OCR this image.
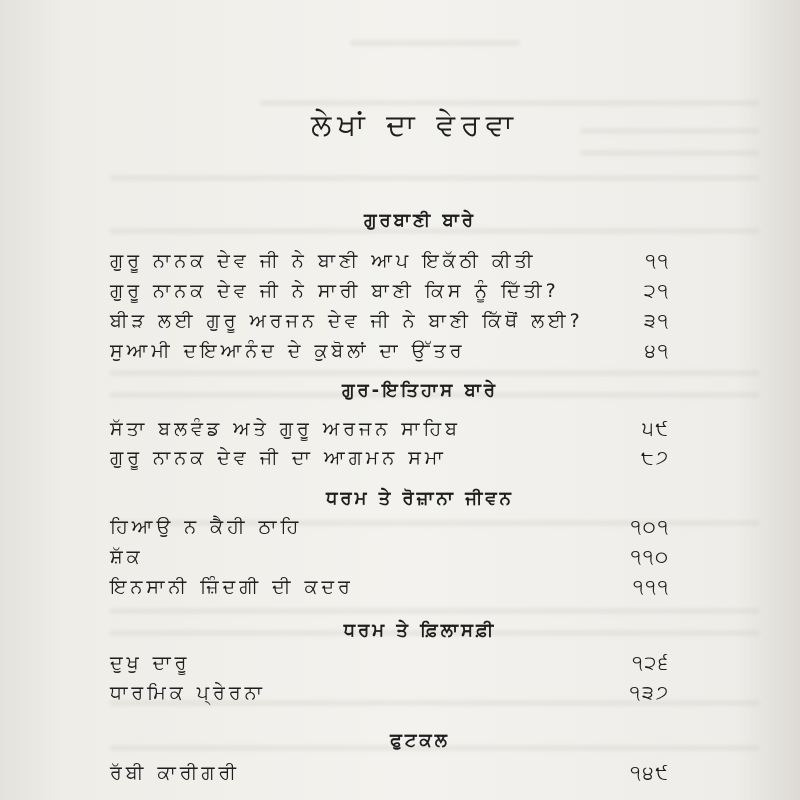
ਲੇਖਾਂ ਦਾ ਵੇਰਵਾ
ਗੁਰਬਾਣੀ ਬਾਰੇ
ਗੁਰੂ ਨਾਨਕ ਦੇਵ ਜੀ ਨੇ ਬਾਣੀ ਆਪ ਇਕੱਠੀ ਕੀਤੀ	੧੧
ਗੁਰੂ ਨਾਨਕ ਦੇਵ ਜੀ ਨੇ ਸਾਰੀ ਬਾਣੀ ਕਿਸ ਨੂੰ ਦਿੱਤੀ?	੨੧
ਬੀੜ ਲਈ ਗੁਰੂ ਅਰਜਨ ਦੇਵ ਜੀ ਨੇ ਬਾਣੀ ਕਿੱਥੋਂ ਲਈ?	੩੧
ਸੁਆਮੀ ਦਇਆਨੰਦ ਦੇ ਕੁਬੋਲਾਂ ਦਾ ਉੱਤਰ	੪੧
ਗੁਰ-ਇਤਿਹਾਸ ਬਾਰੇ
ਸੱਤਾ ਬਲਵੰਡ ਅਤੇ ਗੁਰੂ ਅਰਜਨ ਸਾਹਿਬ	੫੯
ਗੁਰੂ ਨਾਨਕ ਦੇਵ ਜੀ ਦਾ ਆਗਮਨ ਸਮਾ	੮੭
ਧਰਮ ਤੇ ਰੋਜ਼ਾਨਾ ਜੀਵਨ
ਹਿਆਉ ਨ ਕੈਹੀ ਠਾਹਿ	੧੦੧
ਸ਼ੱਕ	੧੧੦
ਇਨਸਾਨੀ ਜ਼ਿੰਦਗੀ ਦੀ ਕਦਰ	੧੧੧
ਧਰਮ ਤੇ ਫ਼ਿਲਾਸਫ਼ੀ
ਦੁਖੁ ਦਾਰੂ	੧੨੬
ਧਾਰਮਿਕ ਪ੍ਰੇਰਨਾ	੧੩੭
ਫੁਟਕਲ
ਰੱਬੀ ਕਾਰੀਗਰੀ	੧੪੯
